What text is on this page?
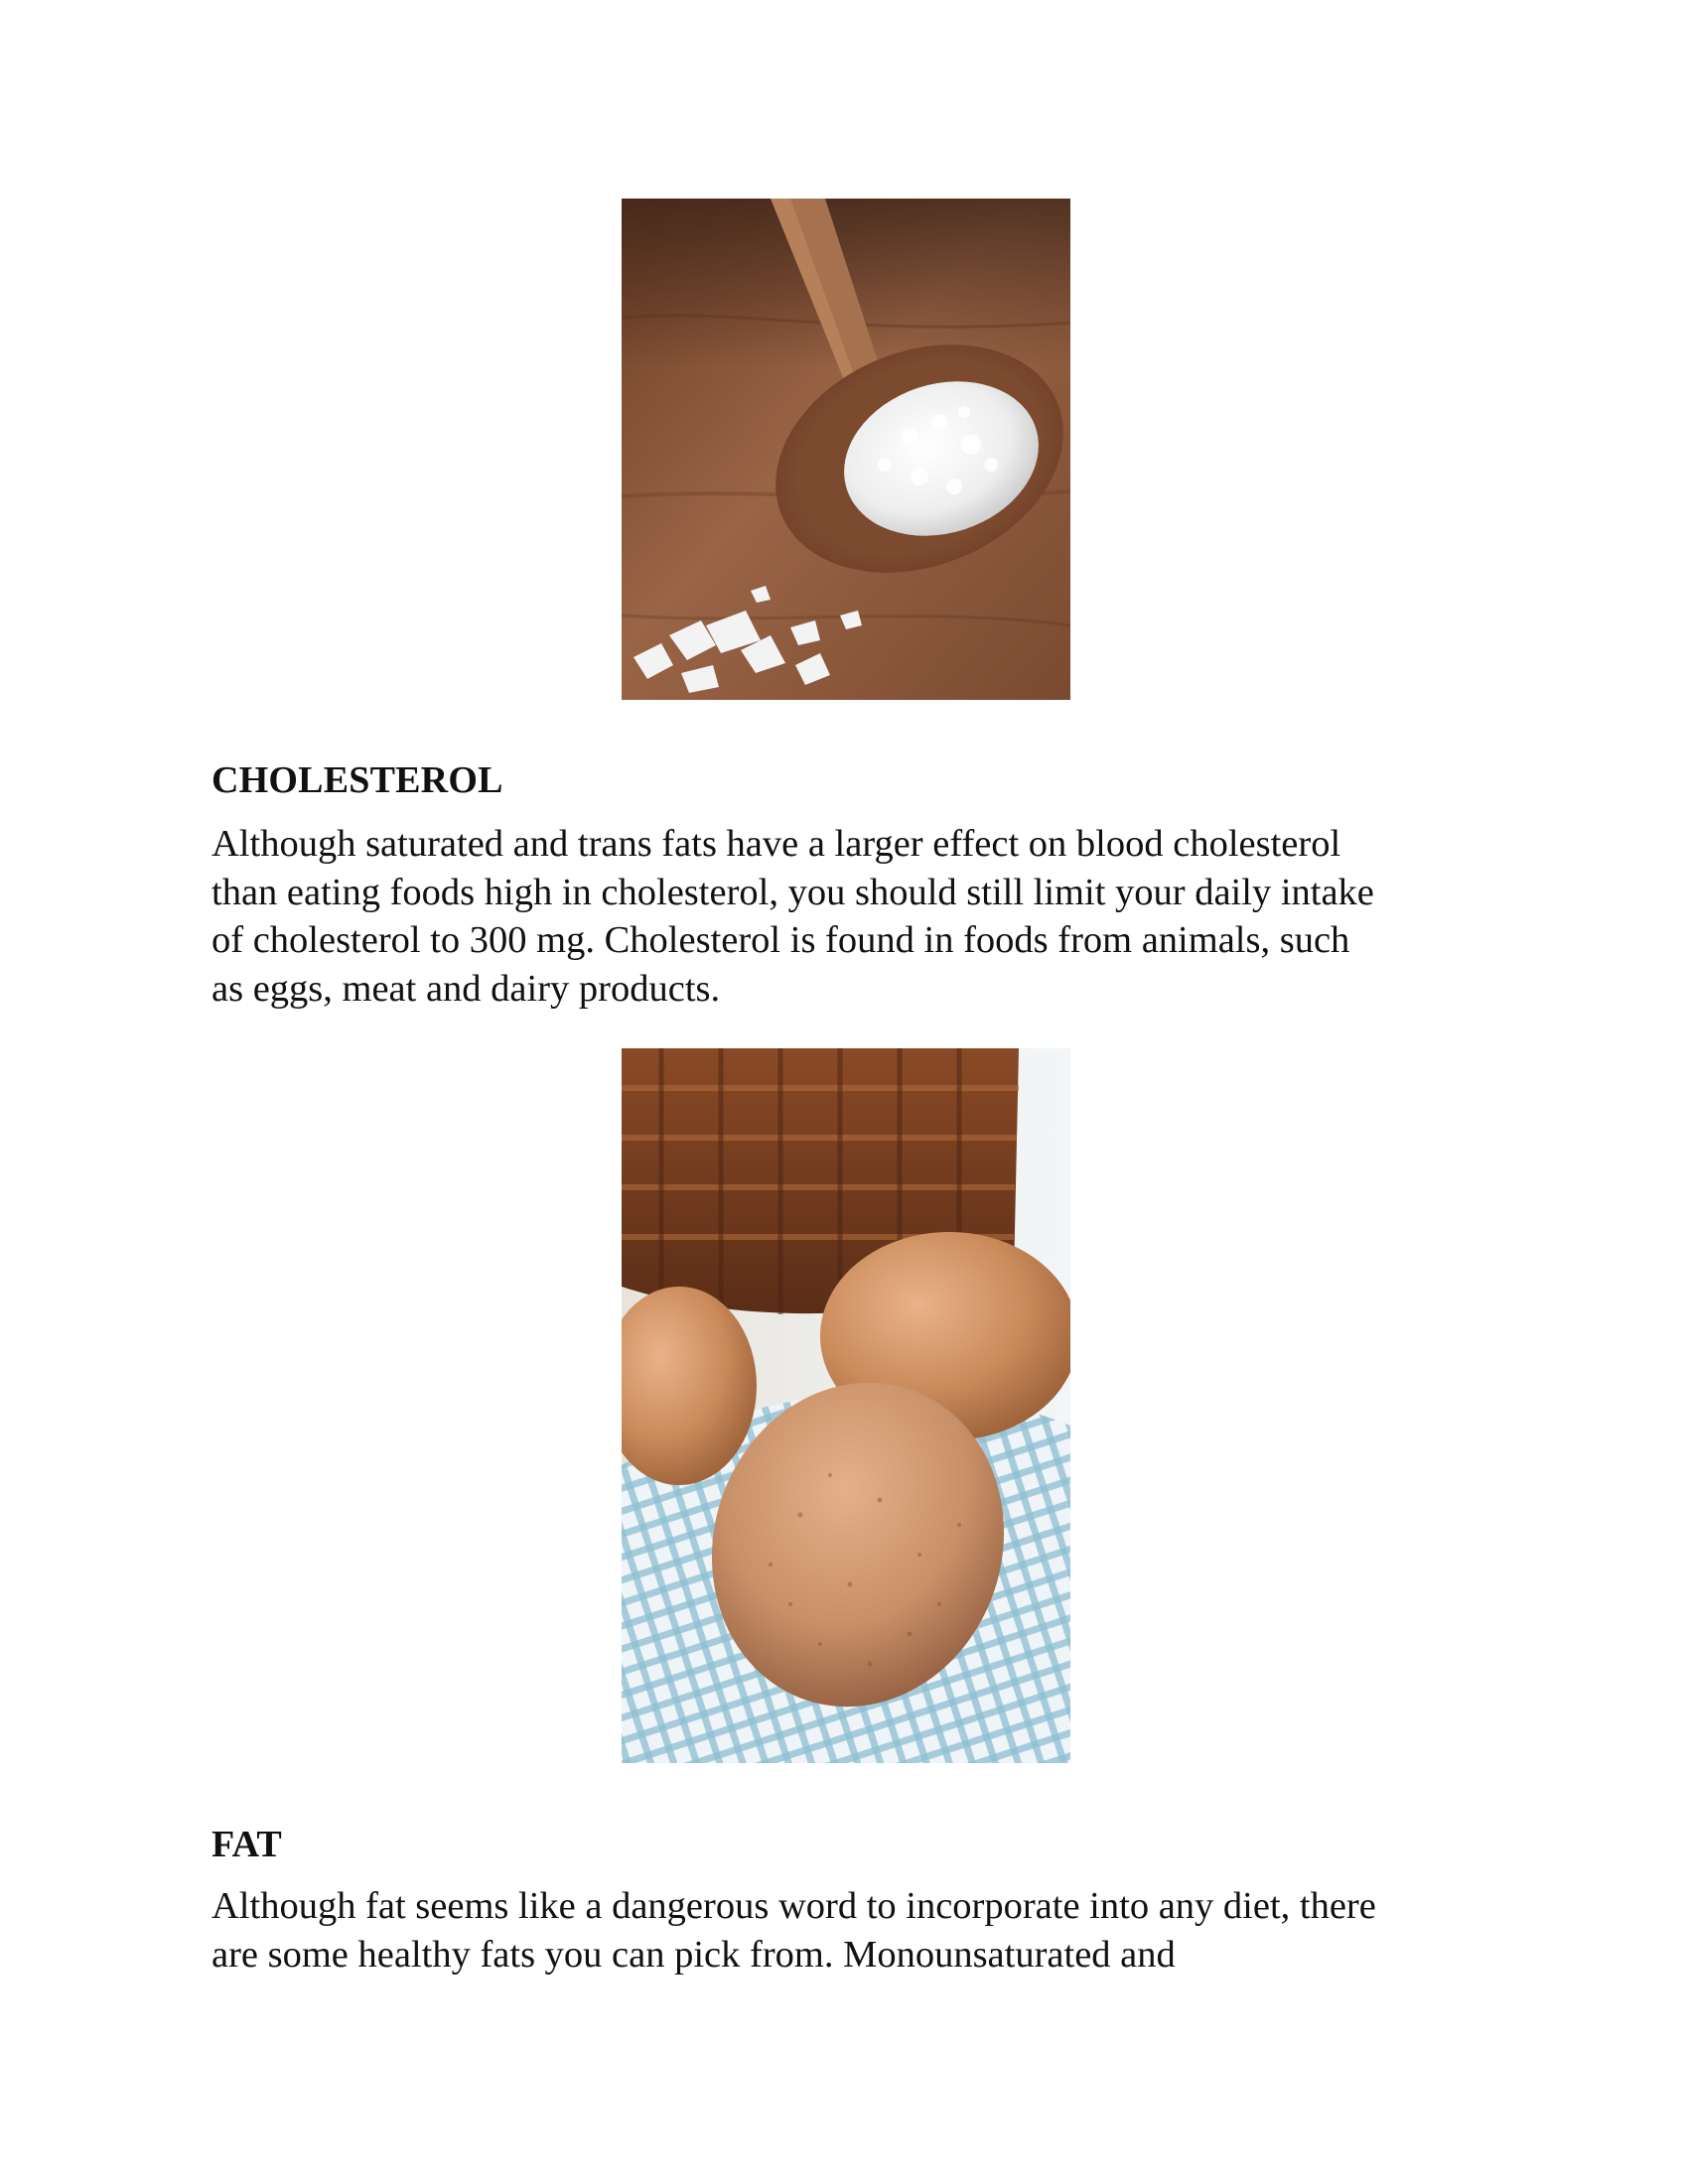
CHOLESTEROL

Although saturated and trans fats have a larger effect on blood cholesterol
than eating foods high in cholesterol, you should still limit your daily intake
of cholesterol to 300 mg. Cholesterol is found in foods from animals, such
as eggs, meat and dairy products.

FAT

Although fat seems like a dangerous word to incorporate into any diet, there
are some healthy fats you can pick from. Monounsaturated and
